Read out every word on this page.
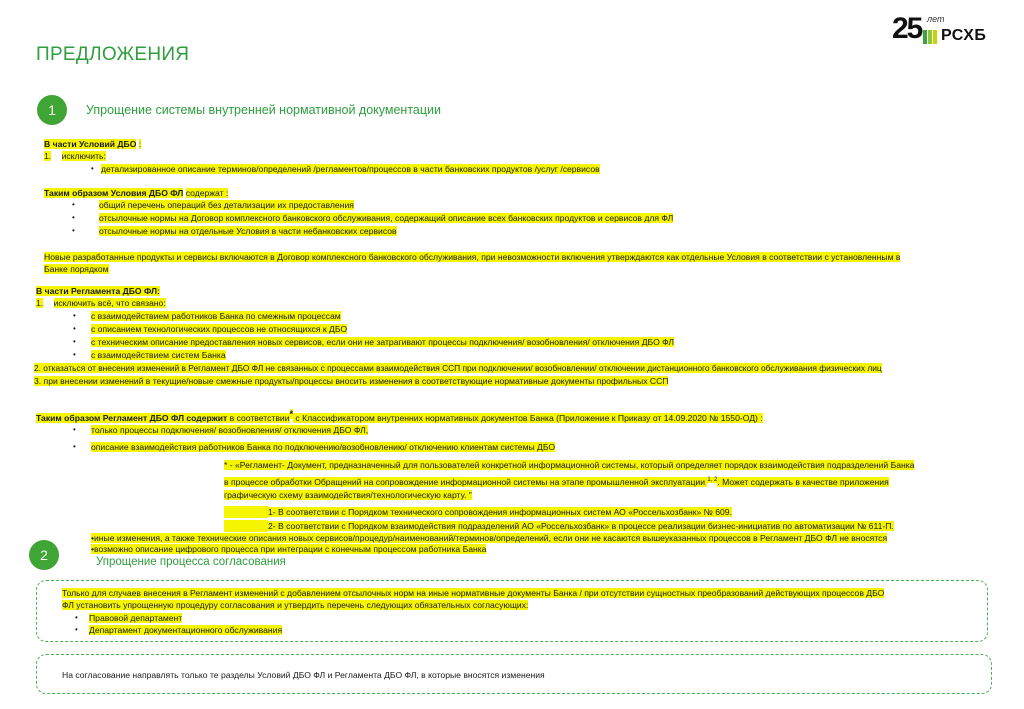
25 лет
РСХБ
ПРЕДЛОЖЕНИЯ
1	Упрощение системы внутренней нормативной документации
В части Условий ДБО :
1. исключить:
• детализированное описание терминов/определений /регламентов/процессов в части банковских продуктов /услуг /сервисов
Таким образом Условия ДБО ФЛ содержат :
•	общий перечень операций без детализации их предоставления
•	отсылочные нормы на Договор комплексного банковского обслуживания, содержащий описание всех банковских продуктов и сервисов для ФЛ
•	отсылочные нормы на отдельные Условия в части небанковских сервисов
Новые разработанные продукты и сервисы включаются в Договор комплексного банковского обслуживания, при невозможности включения утверждаются как отдельные Условия в соответствии с установленным в
Банке порядком
В части Регламента ДБО ФЛ:
1. исключить всё, что связано:
• с взаимодействием работников Банка по смежным процессам
• с описанием технологических процессов не относящихся к ДБО
• с техническим описание предоставления новых сервисов, если они не затрагивают процессы подключения/ возобновления/ отключения ДБО ФЛ
• с взаимодействием систем Банка
2. отказаться от внесения изменений в Регламент ДБО ФЛ не связанных с процессами взаимодействия ССП при подключении/ возобновлении/ отключении дистанционного банковского обслуживания физических лиц
3. при внесении изменений в текущие/новые смежные продукты/процессы вносить изменения в соответствующие нормативные документы профильных ССП
Таким образом Регламент ДБО ФЛ содержит в соответствии* с Классификатором внутренних нормативных документов Банка (Приложение к Приказу от 14.09.2020 № 1550-ОД) :
• только процессы подключения/ возобновления/ отключения ДБО ФЛ,
• описание взаимодействия работников Банка по подключению/возобновлению/ отключению клиентам системы ДБО
* - «Регламент- Документ, предназначенный для пользователей конкретной информационной системы, который определяет порядок взаимодействия подразделений Банка
в процессе обработки Обращений на сопровождение информационной системы на этапе промышленной эксплуатации $^{1, 2}$. Может содержать в качестве приложения
графическую схему взаимодействия/технологическую карту. "
1- В соответствии с Порядком технического сопровождения информационных систем АО «Россельхозбанк» № 609.
2- В соответствии с Порядком взаимодействия подразделений АО «Россельхозбанк» в процессе реализации бизнес-инициатив по автоматизации № 611-П.
•иные изменения, а также технические описания новых сервисов/процедур/наименований/терминов/определений, если они не касаются вышеуказанных процессов в Регламент ДБО ФЛ не вносятся
•возможно описание цифрового процесса при интеграции с конечным процессом работника Банка
2	Упрощение процесса согласования
Только для случаев внесения в Регламент изменений с добавлением отсылочных норм на иные нормативные документы Банка / при отсутствии сущностных преобразований действующих процессов ДБО
ФЛ установить упрощенную процедуру согласования и утвердить перечень следующих обязательных согласующих:
• Правовой департамент
• Департамент документационного обслуживания
На согласование направлять только те разделы Условий ДБО ФЛ и Регламента ДБО ФЛ, в которые вносятся изменения
